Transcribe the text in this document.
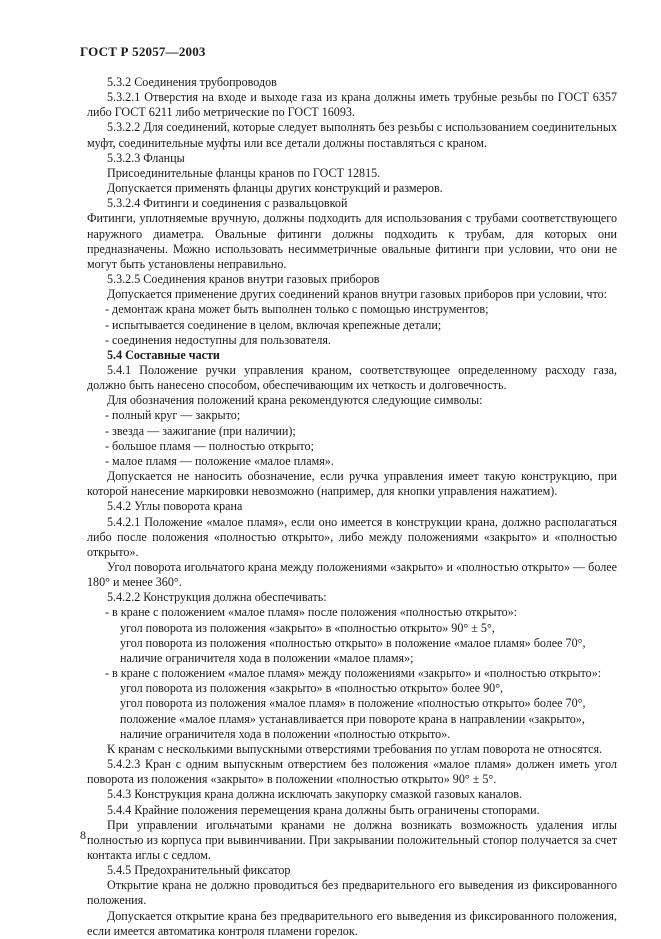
ГОСТ Р 52057—2003

5.3.2 Соединения трубопроводов

5.3.2.1 Отверстия на входе и выходе газа из крана должны иметь трубные резьбы по ГОСТ 6357 либо ГОСТ 6211 либо метрические по ГОСТ 16093.

5.3.2.2 Для соединений, которые следует выполнять без резьбы с использованием соединительных муфт, соединительные муфты или все детали должны поставляться с краном.

5.3.2.3 Фланцы

Присоединительные фланцы кранов по ГОСТ 12815.

Допускается применять фланцы других конструкций и размеров.

5.3.2.4 Фитинги и соединения с развальцовкой

Фитинги, уплотняемые вручную, должны подходить для использования с трубами соответствующего наружного диаметра. Овальные фитинги должны подходить к трубам, для которых они предназначены. Можно использовать несимметричные овальные фитинги при условии, что они не могут быть установлены неправильно.

5.3.2.5 Соединения кранов внутри газовых приборов

Допускается применение других соединений кранов внутри газовых приборов при условии, что:

- демонтаж крана может быть выполнен только с помощью инструментов;

- испытывается соединение в целом, включая крепежные детали;

- соединения недоступны для пользователя.

5.4 Составные части

5.4.1 Положение ручки управления краном, соответствующее определенному расходу газа, должно быть нанесено способом, обеспечивающим их четкость и долговечность.

Для обозначения положений крана рекомендуются следующие символы:

- полный круг — закрыто;

- звезда — зажигание (при наличии);

- большое пламя — полностью открыто;

- малое пламя — положение «малое пламя».

Допускается не наносить обозначение, если ручка управления имеет такую конструкцию, при которой нанесение маркировки невозможно (например, для кнопки управления нажатием).

5.4.2 Углы поворота крана

5.4.2.1 Положение «малое пламя», если оно имеется в конструкции крана, должно располагаться либо после положения «полностью открыто», либо между положениями «закрыто» и «полностью открыто».

Угол поворота игольчатого крана между положениями «закрыто» и «полностью открыто» — более 180° и менее 360°.

5.4.2.2 Конструкция должна обеспечивать:

- в кране с положением «малое пламя» после положения «полностью открыто»:

угол поворота из положения «закрыто» в «полностью открыто» 90° ± 5°,

угол поворота из положения «полностью открыто» в положение «малое пламя» более 70°,

наличие ограничителя хода в положении «малое пламя»;

- в кране с положением «малое пламя» между положениями «закрыто» и «полностью открыто»:

угол поворота из положения «закрыто» в «полностью открыто» более 90°,

угол поворота из положения «малое пламя» в положение «полностью открыто» более 70°,

положение «малое пламя» устанавливается при повороте крана в направлении «закрыто»,

наличие ограничителя хода в положении «полностью открыто».

К кранам с несколькими выпускными отверстиями требования по углам поворота не относятся.

5.4.2.3 Кран с одним выпускным отверстием без положения «малое пламя» должен иметь угол поворота из положения «закрыто» в положении «полностью открыто» 90° ± 5°.

5.4.3 Конструкция крана должна исключать закупорку смазкой газовых каналов.

5.4.4 Крайние положения перемещения крана должны быть ограничены стопорами.

При управлении игольчатыми кранами не должна возникать возможность удаления иглы полностью из корпуса при вывинчивании. При закрывании положительный стопор получается за счет контакта иглы с седлом.

5.4.5 Предохранительный фиксатор

Открытие крана не должно проводиться без предварительного его выведения из фиксированного положения.

Допускается открытие крана без предварительного его выведения из фиксированного положения, если имеется автоматика контроля пламени горелок.

8
